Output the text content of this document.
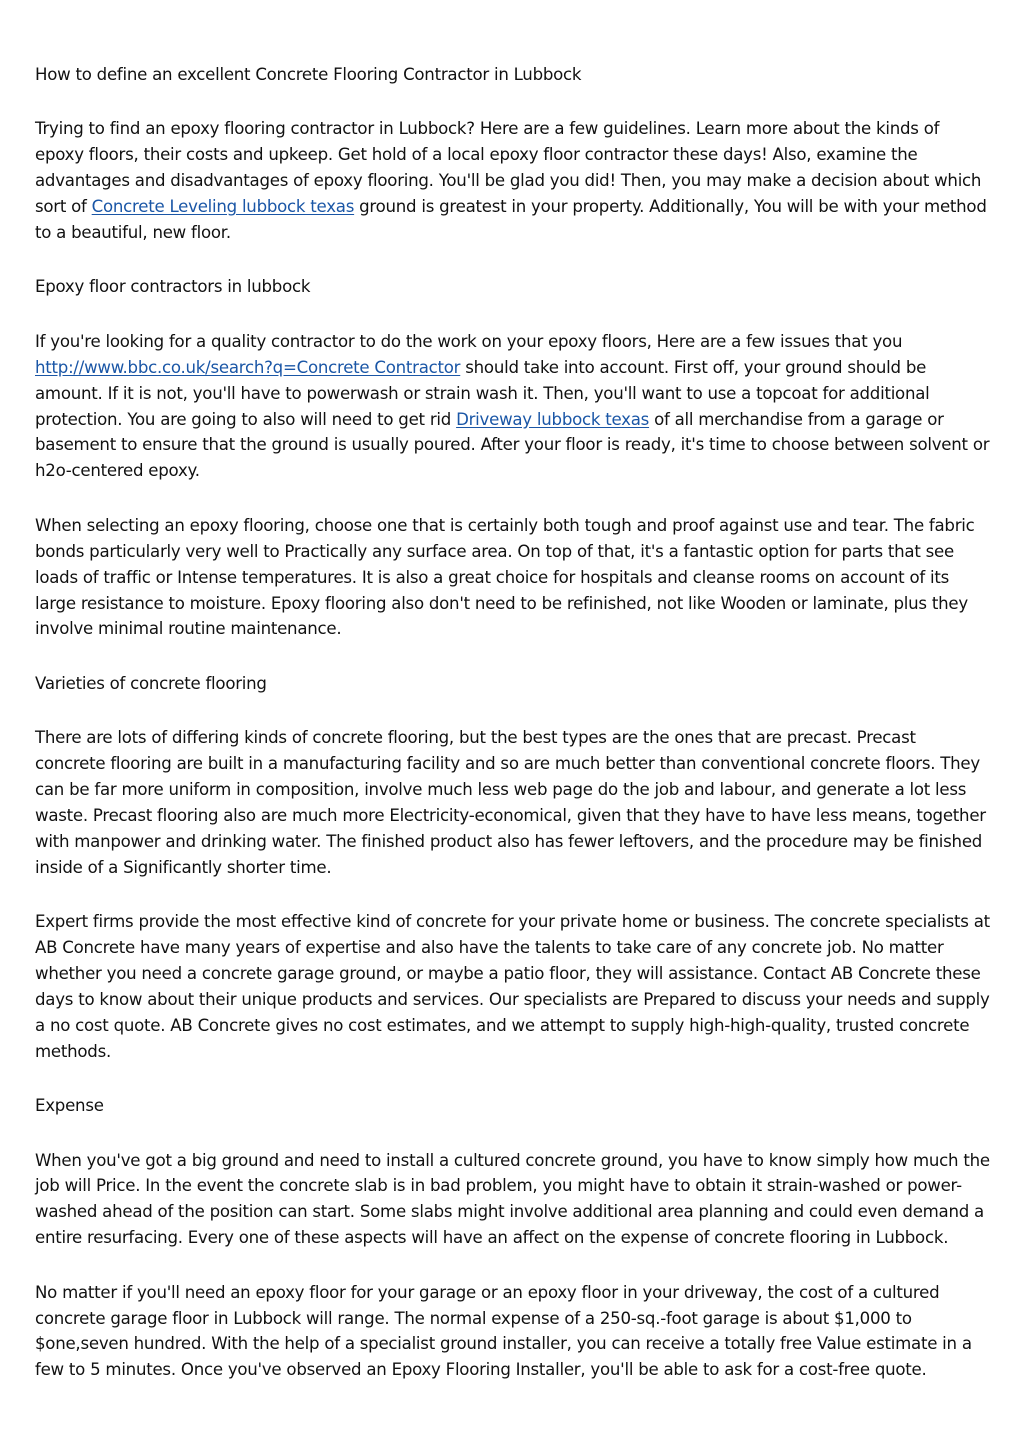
How to define an excellent Concrete Flooring Contractor in Lubbock

Trying to find an epoxy flooring contractor in Lubbock? Here are a few guidelines. Learn more about the kinds of epoxy floors, their costs and upkeep. Get hold of a local epoxy floor contractor these days! Also, examine the advantages and disadvantages of epoxy flooring. You'll be glad you did! Then, you may make a decision about which sort of Concrete Leveling lubbock texas ground is greatest in your property. Additionally, You will be with your method to a beautiful, new floor.

Epoxy floor contractors in lubbock

If you're looking for a quality contractor to do the work on your epoxy floors, Here are a few issues that you http://www.bbc.co.uk/search?q=Concrete Contractor should take into account. First off, your ground should be amount. If it is not, you'll have to powerwash or strain wash it. Then, you'll want to use a topcoat for additional protection. You are going to also will need to get rid Driveway lubbock texas of all merchandise from a garage or basement to ensure that the ground is usually poured. After your floor is ready, it's time to choose between solvent or h2o-centered epoxy.

When selecting an epoxy flooring, choose one that is certainly both tough and proof against use and tear. The fabric bonds particularly very well to Practically any surface area. On top of that, it's a fantastic option for parts that see loads of traffic or Intense temperatures. It is also a great choice for hospitals and cleanse rooms on account of its large resistance to moisture. Epoxy flooring also don't need to be refinished, not like Wooden or laminate, plus they involve minimal routine maintenance.

Varieties of concrete flooring

There are lots of differing kinds of concrete flooring, but the best types are the ones that are precast. Precast concrete flooring are built in a manufacturing facility and so are much better than conventional concrete floors. They can be far more uniform in composition, involve much less web page do the job and labour, and generate a lot less waste. Precast flooring also are much more Electricity-economical, given that they have to have less means, together with manpower and drinking water. The finished product also has fewer leftovers, and the procedure may be finished inside of a Significantly shorter time.

Expert firms provide the most effective kind of concrete for your private home or business. The concrete specialists at AB Concrete have many years of expertise and also have the talents to take care of any concrete job. No matter whether you need a concrete garage ground, or maybe a patio floor, they will assistance. Contact AB Concrete these days to know about their unique products and services. Our specialists are Prepared to discuss your needs and supply a no cost quote. AB Concrete gives no cost estimates, and we attempt to supply high-high-quality, trusted concrete methods.

Expense

When you've got a big ground and need to install a cultured concrete ground, you have to know simply how much the job will Price. In the event the concrete slab is in bad problem, you might have to obtain it strain-washed or power-washed ahead of the position can start. Some slabs might involve additional area planning and could even demand a entire resurfacing. Every one of these aspects will have an affect on the expense of concrete flooring in Lubbock.

No matter if you'll need an epoxy floor for your garage or an epoxy floor in your driveway, the cost of a cultured concrete garage floor in Lubbock will range. The normal expense of a 250-sq.-foot garage is about $1,000 to $one,seven hundred. With the help of a specialist ground installer, you can receive a totally free Value estimate in a few to 5 minutes. Once you've observed an Epoxy Flooring Installer, you'll be able to ask for a cost-free quote.
